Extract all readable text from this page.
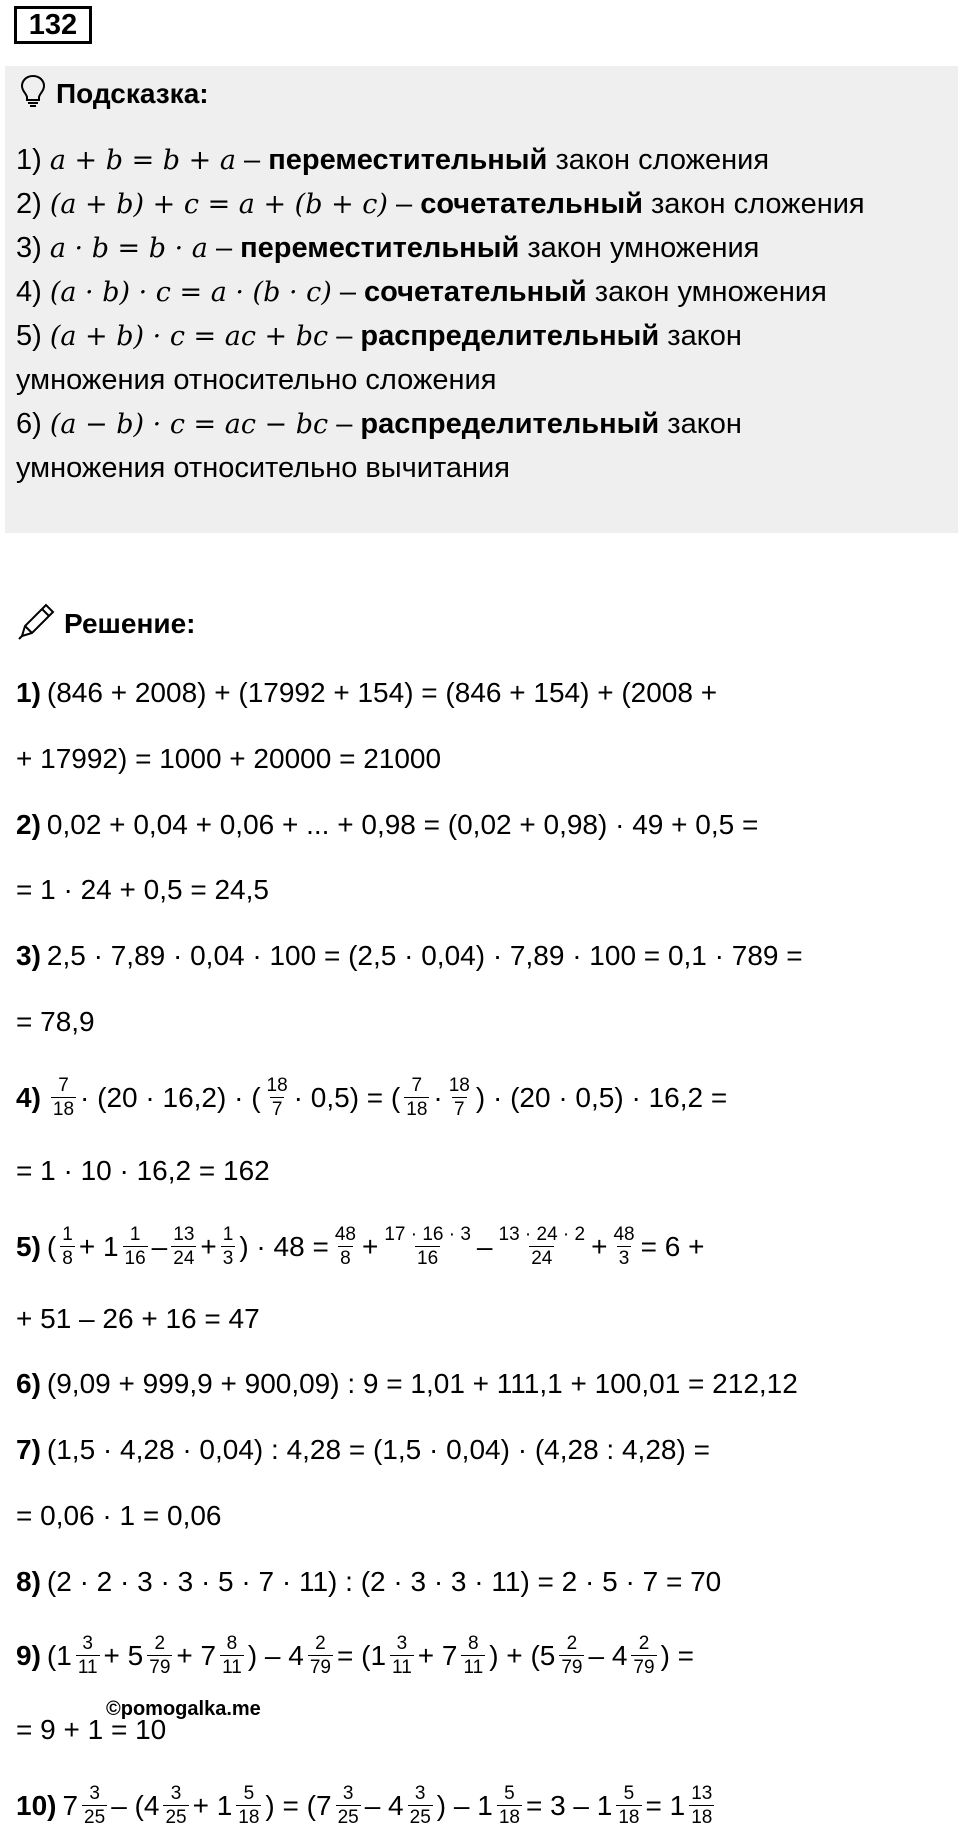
132
Подсказка:
1) a + b = b + a – переместительный закон сложения
2) (a + b) + c = a + (b + c) – сочетательный закон сложения
3) a · b = b · a – переместительный закон умножения
4) (a · b) · c = a · (b · c) – сочетательный закон умножения
5) (a + b) · c = ac + bc – распределительный закон
умножения относительно сложения
6) (a − b) · c = ac − bc – распределительный закон
умножения относительно вычитания
Решение:
1) (846 + 2008) + (17992 + 154) = (846 + 154) + (2008 +
+ 17992) = 1000 + 20000 = 21000
2) 0,02 + 0,04 + 0,06 + ... + 0,98 = (0,02 + 0,98) · 49 + 0,5 =
= 1 · 24 + 0,5 = 24,5
3) 2,5 · 7,89 · 0,04 · 100 = (2,5 · 0,04) · 7,89 · 100 = 0,1 · 789 =
= 78,9
$4) \frac{7}{18} \cdot (20 \cdot 16,2)$ · ( $\frac{18}{7} \cdot 0,5$) = ( $\frac{7}{18} \cdot \frac{18}{7}$ ) · (20 · 0,5) · 16,2 =
= 1 · 10 · 16,2 = 162
5) ( $\frac{1}{8}$ +
$1 \frac{1}{16} - \frac{13}{24} + \frac{1}{3}$ ) · $48 = \frac{48}{8} + \frac{17 \cdot 16 \cdot 3}{16} - \frac{13 \cdot 24 \cdot 2}{24} + \frac{48}{3} = 6$ +
+ 51 – 26 + 16 = 47
6) (9,09 + 999,9 + 900,09) : 9 = 1,01 + 111,1 + 100,01 = 212,12
7) (1,5 · 4,28 · 0,04) : 4,28 = (1,5 · 0,04) · (4,28 : 4,28) =
= 0,06 · 1 = 0,06
8) (2 · 2 · 3 · 3 · 5 · 7 · 11) : (2 · 3 · 3 · 11) = 2 · 5 · 7 = 70
9) ($1 \frac{3}{11} + 5 \frac{2}{79} + 7 \frac{8}{11}$ ) – $4 \frac{2}{79} = (1 \frac{3}{11} + 7 \frac{8}{11}$ ) + ($5 \frac{2}{79} - 4 \frac{2}{79}$ ) =
= 9 + 1 = 10
©pomogalka.me
10) $7 \frac{3}{25} - (4 \frac{3}{25} + 1 \frac{5}{18}$ ) = ($7 \frac{3}{25} - 4 \frac{3}{25}$ ) – $1 \frac{5}{18} = 3 - 1 \frac{5}{18} = 1 \frac{13}{18}$
